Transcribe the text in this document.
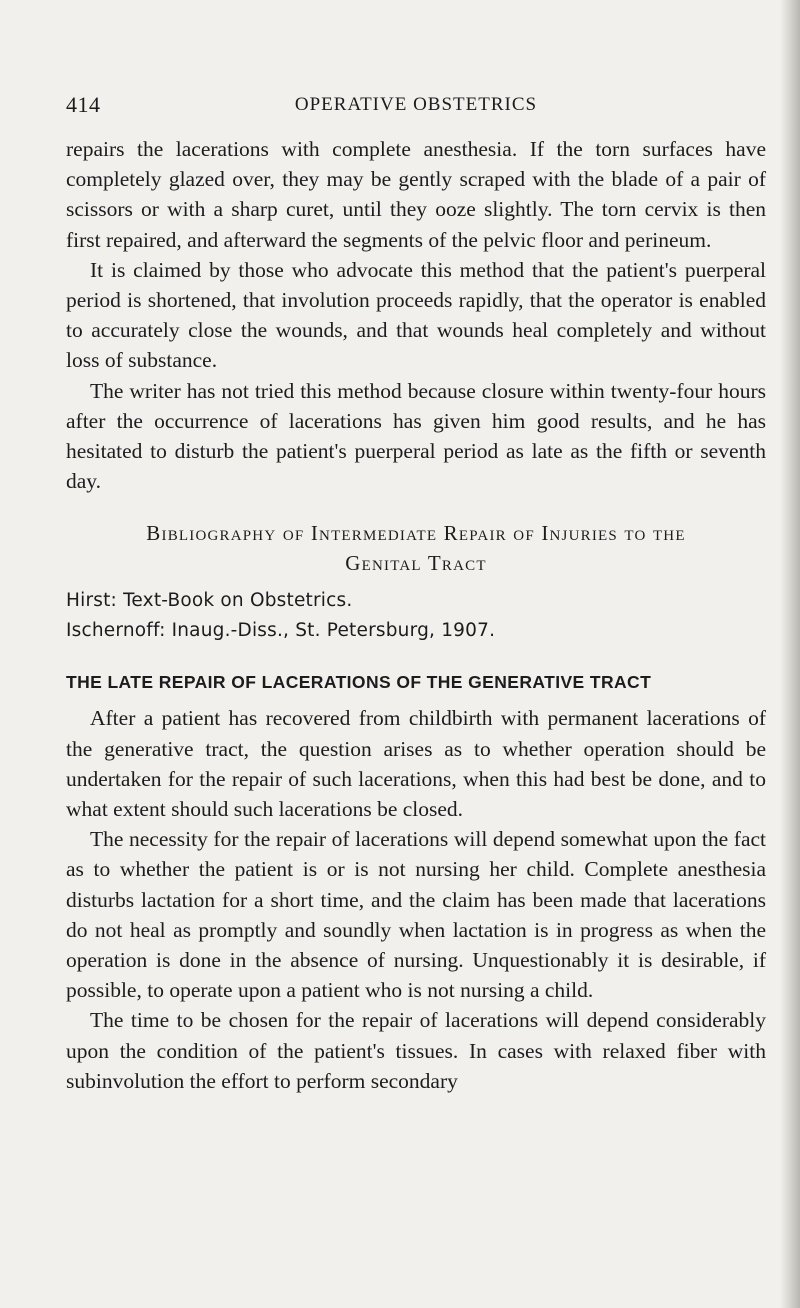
414	OPERATIVE OBSTETRICS

repairs the lacerations with complete anesthesia. If the torn surfaces have completely glazed over, they may be gently scraped with the blade of a pair of scissors or with a sharp curet, until they ooze slightly. The torn cervix is then first repaired, and afterward the segments of the pelvic floor and perineum.

It is claimed by those who advocate this method that the patient's puerperal period is shortened, that involution proceeds rapidly, that the operator is enabled to accurately close the wounds, and that wounds heal completely and without loss of substance.

The writer has not tried this method because closure within twenty-four hours after the occurrence of lacerations has given him good results, and he has hesitated to disturb the patient's puerperal period as late as the fifth or seventh day.

Bibliography of Intermediate Repair of Injuries to the
Genital Tract

Hirst: Text-Book on Obstetrics.

Ischernoff: Inaug.-Diss., St. Petersburg, 1907.

THE LATE REPAIR OF LACERATIONS OF THE GENERATIVE TRACT

After a patient has recovered from childbirth with permanent lacerations of the generative tract, the question arises as to whether operation should be undertaken for the repair of such lacerations, when this had best be done, and to what extent should such lacerations be closed.

The necessity for the repair of lacerations will depend somewhat upon the fact as to whether the patient is or is not nursing her child. Complete anesthesia disturbs lactation for a short time, and the claim has been made that lacerations do not heal as promptly and soundly when lactation is in progress as when the operation is done in the absence of nursing. Unquestionably it is desirable, if possible, to operate upon a patient who is not nursing a child.

The time to be chosen for the repair of lacerations will depend considerably upon the condition of the patient's tissues. In cases with relaxed fiber with subinvolution the effort to perform secondary
